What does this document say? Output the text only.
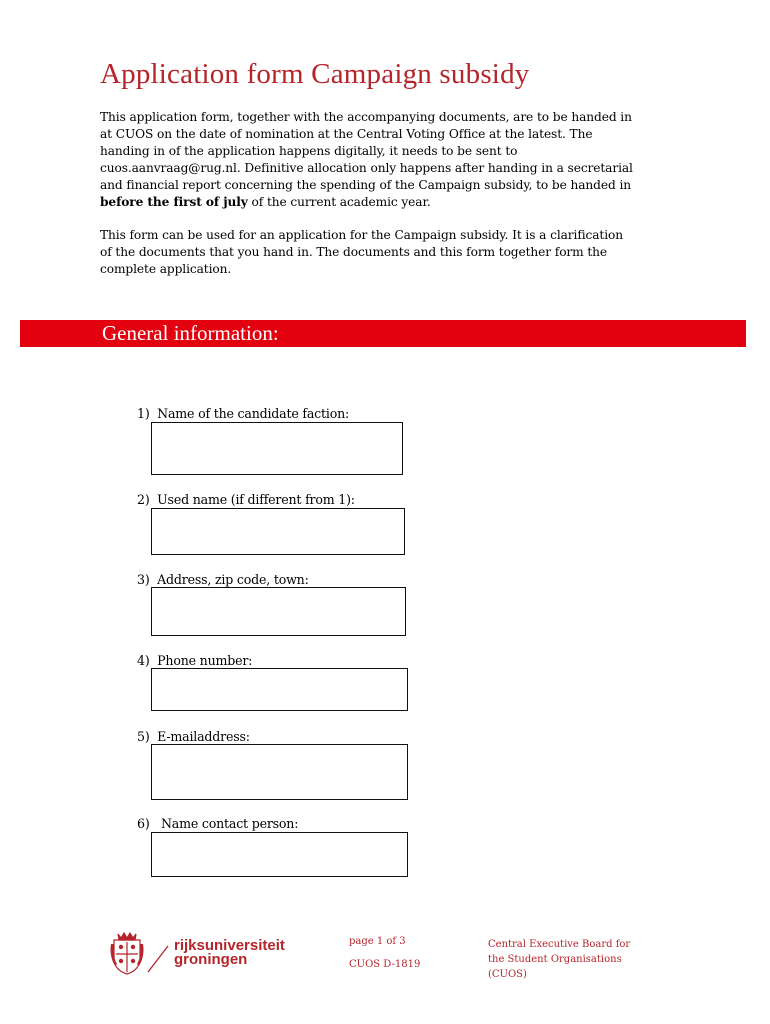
Application form Campaign subsidy

This application form, together with the accompanying documents, are to be handed in at CUOS on the date of nomination at the Central Voting Office at the latest. The handing in of the application happens digitally, it needs to be sent to cuos.aanvraag@rug.nl. Definitive allocation only happens after handing in a secretarial and financial report concerning the spending of the Campaign subsidy, to be handed in before the first of july of the current academic year.

This form can be used for an application for the Campaign subsidy. It is a clarification of the documents that you hand in. The documents and this form together form the complete application.

General information:
1) Name of the candidate faction:
2) Used name (if different from 1):
3) Address, zip code, town:
4) Phone number:
5) E-mailaddress:
6) Name contact person:
rijksuniversiteit
groningen
page 1 of 3
CUOS D-1819
Central Executive Board for
the Student Organisations
(CUOS)
